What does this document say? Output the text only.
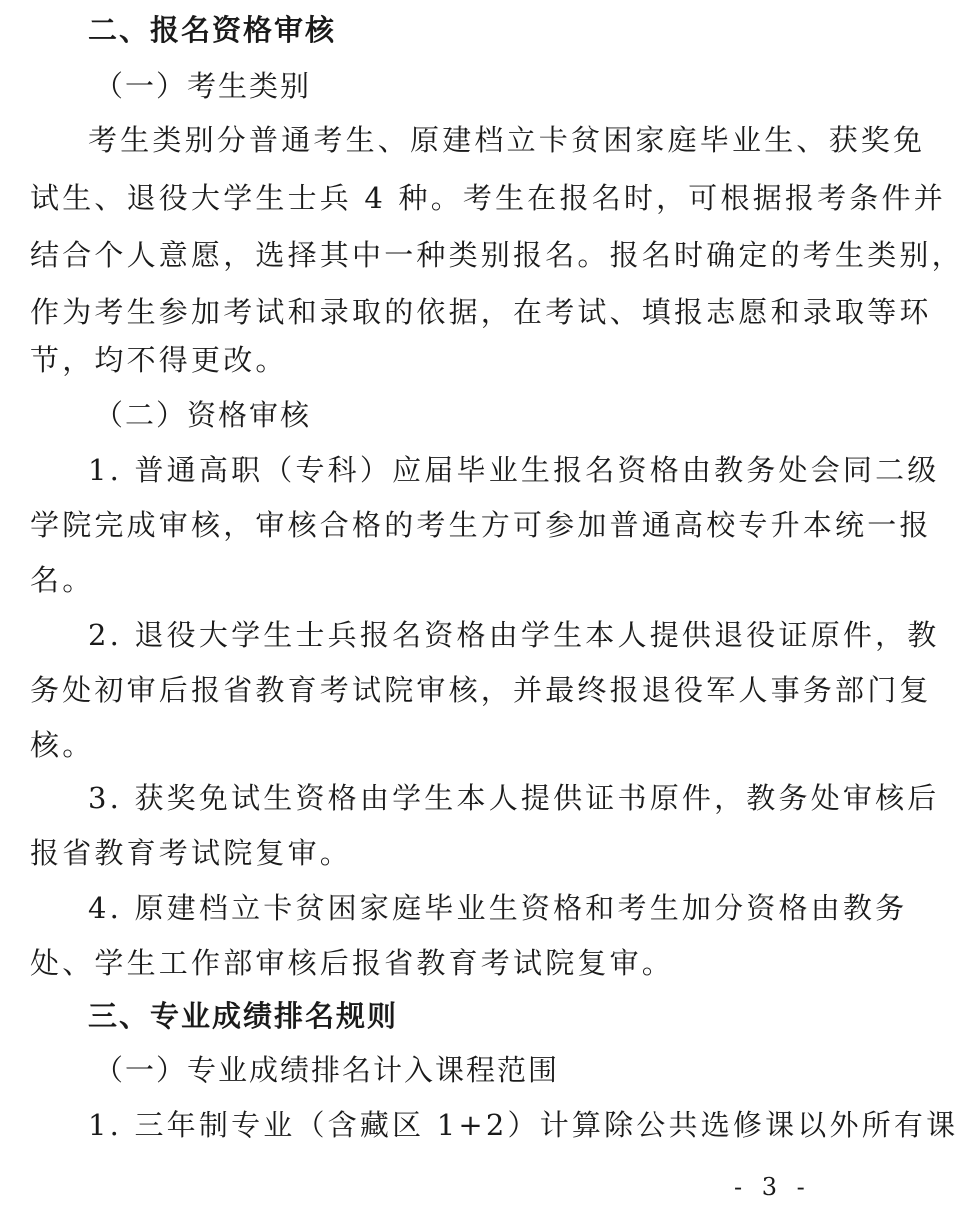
二、报名资格审核
（一）考生类别
考生类别分普通考生、原建档立卡贫困家庭毕业生、获奖免
试生、退役大学生士兵 4 种。考生在报名时，可根据报考条件并
结合个人意愿，选择其中一种类别报名。报名时确定的考生类别，
作为考生参加考试和录取的依据，在考试、填报志愿和录取等环
节，均不得更改。
（二）资格审核
1. 普通高职（专科）应届毕业生报名资格由教务处会同二级
学院完成审核，审核合格的考生方可参加普通高校专升本统一报
名。
2. 退役大学生士兵报名资格由学生本人提供退役证原件，教
务处初审后报省教育考试院审核，并最终报退役军人事务部门复
核。
3. 获奖免试生资格由学生本人提供证书原件，教务处审核后
报省教育考试院复审。
4. 原建档立卡贫困家庭毕业生资格和考生加分资格由教务
处、学生工作部审核后报省教育考试院复审。
三、专业成绩排名规则
（一）专业成绩排名计入课程范围
1. 三年制专业（含藏区 1+2）计算除公共选修课以外所有课
- 3 -
